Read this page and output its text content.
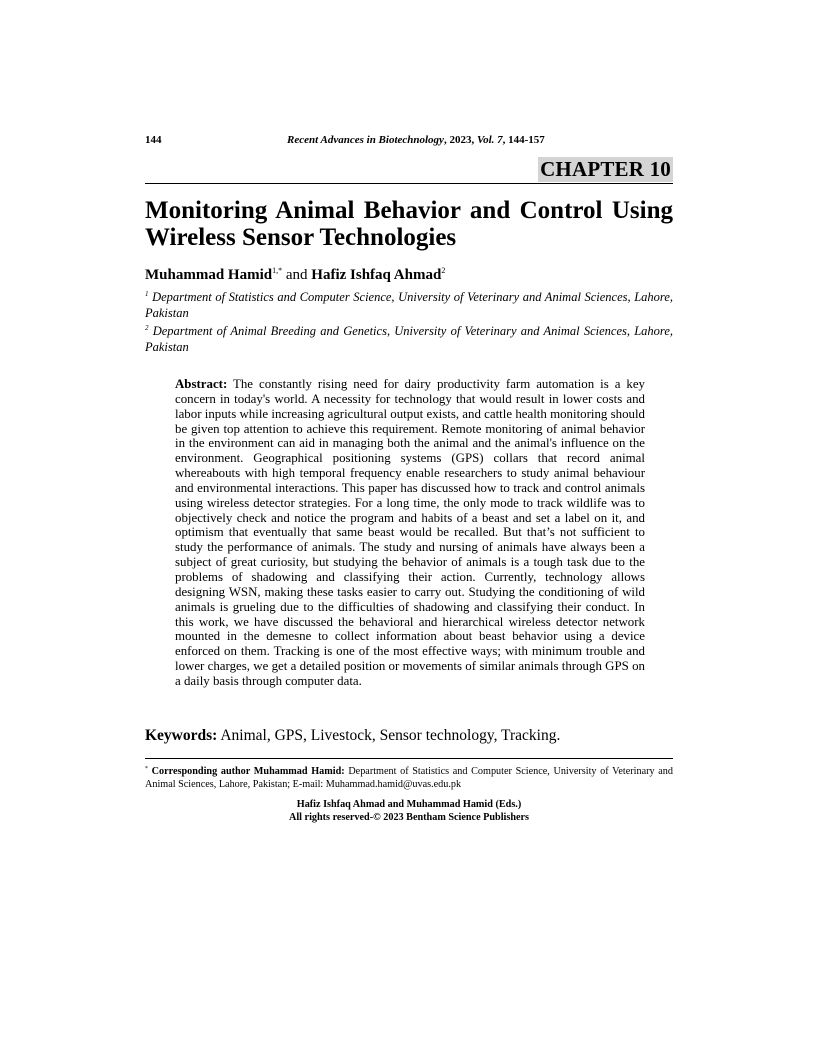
144	Recent Advances in Biotechnology, 2023, Vol. 7, 144-157
CHAPTER 10
Monitoring Animal Behavior and Control Using Wireless Sensor Technologies
Muhammad Hamid$^{1,*}$ and Hafiz Ishfaq Ahmad$^2$
$^1$ Department of Statistics and Computer Science, University of Veterinary and Animal Sciences, Lahore, Pakistan
$^2$ Department of Animal Breeding and Genetics, University of Veterinary and Animal Sciences, Lahore, Pakistan
Abstract: The constantly rising need for dairy productivity farm automation is a key concern in today's world. A necessity for technology that would result in lower costs and labor inputs while increasing agricultural output exists, and cattle health monitoring should be given top attention to achieve this requirement. Remote monitoring of animal behavior in the environment can aid in managing both the animal and the animal's influence on the environment. Geographical positioning systems (GPS) collars that record animal whereabouts with high temporal frequency enable researchers to study animal behaviour and environmental interactions. This paper has discussed how to track and control animals using wireless detector strategies. For a long time, the only mode to track wildlife was to objectively check and notice the program and habits of a beast and set a label on it, and optimism that eventually that same beast would be recalled. But that’s not sufficient to study the performance of animals. The study and nursing of animals have always been a subject of great curiosity, but studying the behavior of animals is a tough task due to the problems of shadowing and classifying their action. Currently, technology allows designing WSN, making these tasks easier to carry out. Studying the conditioning of wild animals is grueling due to the difficulties of shadowing and classifying their conduct. In this work, we have discussed the behavioral and hierarchical wireless detector network mounted in the demesne to collect information about beast behavior using a device enforced on them. Tracking is one of the most effective ways; with minimum trouble and lower charges, we get a detailed position or movements of similar animals through GPS on a daily basis through computer data.
Keywords: Animal, GPS, Livestock, Sensor technology, Tracking.
* Corresponding author Muhammad Hamid: Department of Statistics and Computer Science, University of Veterinary and Animal Sciences, Lahore, Pakistan; E-mail: Muhammad.hamid@uvas.edu.pk
Hafiz Ishfaq Ahmad and Muhammad Hamid (Eds.)
All rights reserved-© 2023 Bentham Science Publishers
